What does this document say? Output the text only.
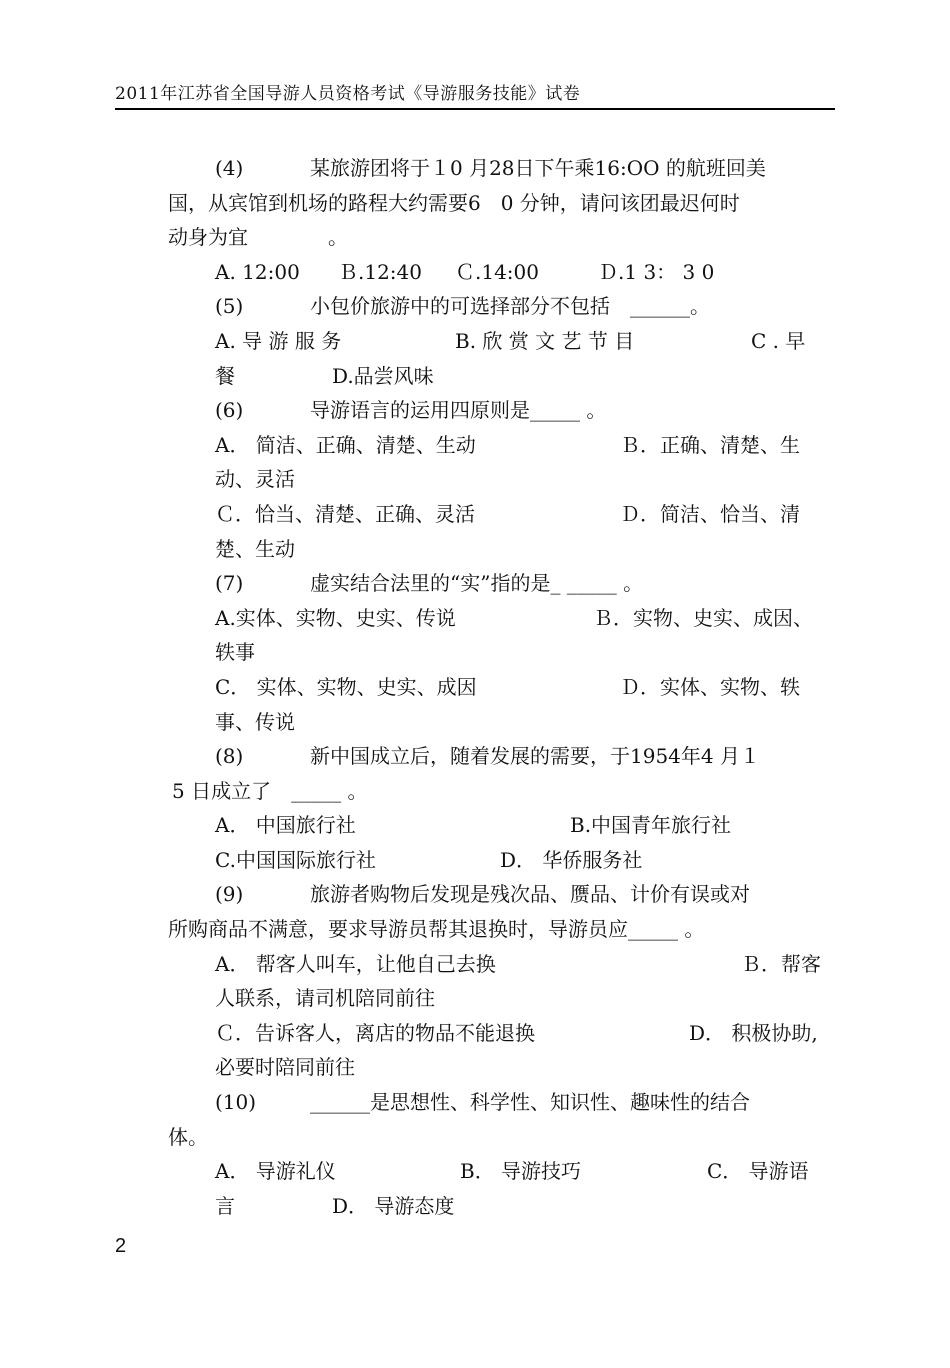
2011年江苏省全国导游人员资格考试《导游服务技能》试卷
(4)	某旅游团将于１0 月28日下午乘16:OO 的航班回美
国，从宾馆到机场的路程大约需要6　0 分钟，请问该团最迟何时
动身为宜　　　　。
A. 12:00 Ｂ.12:40 Ｃ.14:00	Ｄ.1 3： 3 0
(5)	小包价旅游中的可选择部分不包括　______。
A. 导 游 服 务	B. 欣 赏 文 艺 节 目	C . 早
餐	D.品尝风味
(6)	导游语言的运用四原则是_____ 。
A． 简洁、正确、清楚、生动	Ｂ．正确、清楚、生
动、灵活
Ｃ．恰当、清楚、正确、灵活	Ｄ．简洁、恰当、清
楚、生动
(7)	虚实结合法里的“实”指的是_ _____ 。
A.实体、实物、史实、传说	Ｂ．实物、史实、成因、
轶事
C． 实体、实物、史实、成因	Ｄ．实体、实物、轶
事、传说
(8)	新中国成立后，随着发展的需要，于1954年4 月１
5 日成立了　_____ 。
A． 中国旅行社	B.中国青年旅行社
C.中国国际旅行社	D． 华侨服务社
(9)	旅游者购物后发现是残次品、赝品、计价有误或对
所购商品不满意，要求导游员帮其退换时，导游员应_____ 。
A． 帮客人叫车，让他自己去换	Ｂ．帮客
人联系，请司机陪同前往
Ｃ．告诉客人，离店的物品不能退换	D． 积极协助,
必要时陪同前往
(10)	______是思想性、科学性、知识性、趣味性的结合
体。
A． 导游礼仪	B． 导游技巧	C． 导游语
言	D． 导游态度
2
